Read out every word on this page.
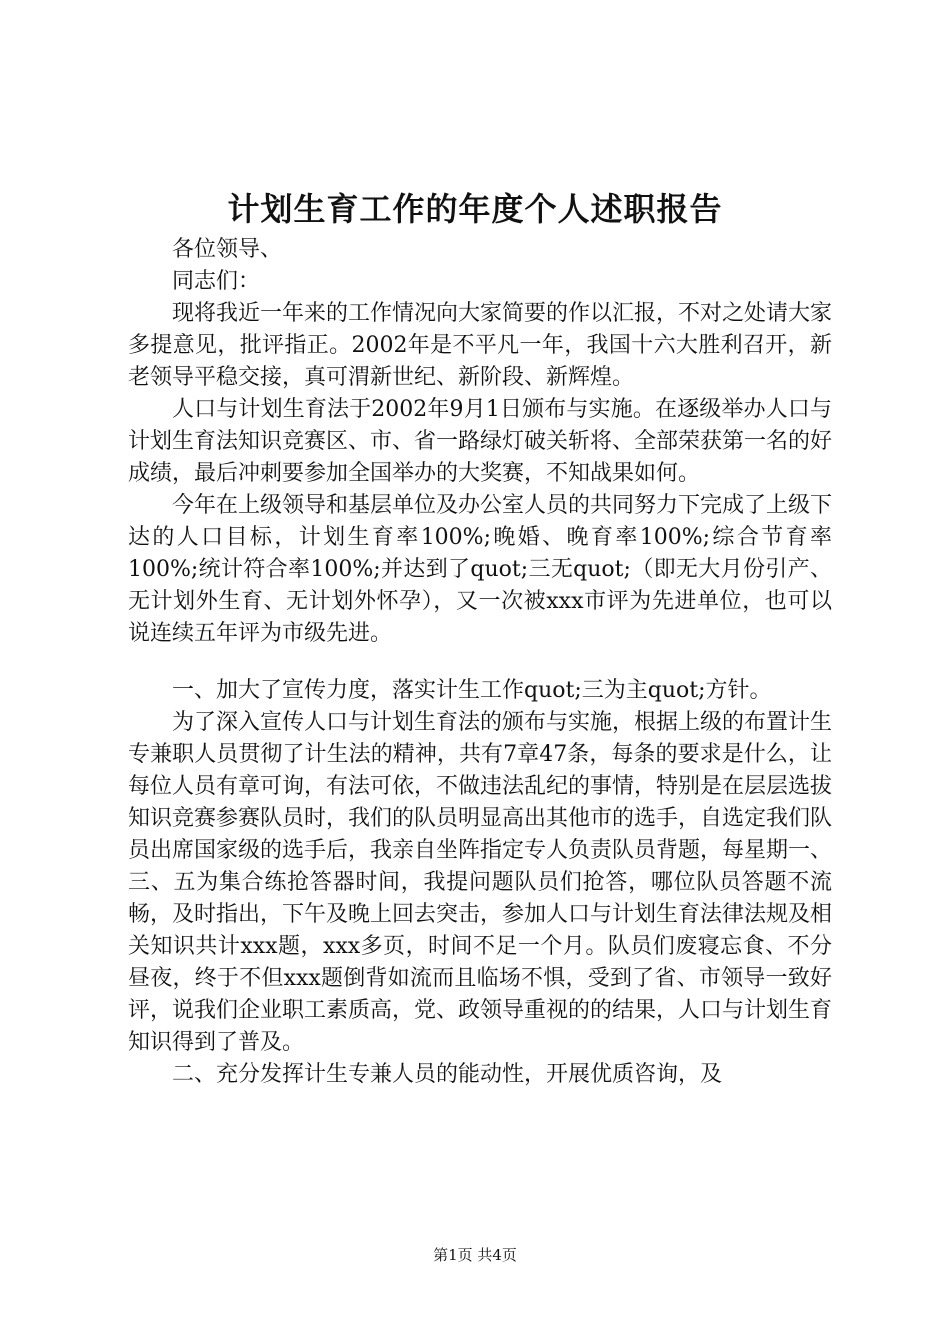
计划生育工作的年度个人述职报告

各位领导、

同志们：

现将我近一年来的工作情况向大家简要的作以汇报，不对之处请大家多提意见，批评指正。2002年是不平凡一年，我国十六大胜利召开，新老领导平稳交接，真可渭新世纪、新阶段、新辉煌。

人口与计划生育法于2002年9月1日颁布与实施。在逐级举办人口与计划生育法知识竞赛区、市、省一路绿灯破关斩将、全部荣获第一名的好成绩，最后冲刺要参加全国举办的大奖赛，不知战果如何。

今年在上级领导和基层单位及办公室人员的共同努力下完成了上级下达的人口目标，计划生育率100%;晚婚、晚育率100%;综合节育率100%;统计符合率100%;并达到了quot;三无quot;（即无大月份引产、无计划外生育、无计划外怀孕），又一次被xxx市评为先进单位，也可以说连续五年评为市级先进。

一、加大了宣传力度，落实计生工作quot;三为主quot;方针。

为了深入宣传人口与计划生育法的颁布与实施，根据上级的布置计生专兼职人员贯彻了计生法的精神，共有7章47条，每条的要求是什么，让每位人员有章可询，有法可依，不做违法乱纪的事情，特别是在层层选拔知识竞赛参赛队员时，我们的队员明显高出其他市的选手，自选定我们队员出席国家级的选手后，我亲自坐阵指定专人负责队员背题，每星期一、三、五为集合练抢答器时间，我提问题队员们抢答，哪位队员答题不流畅，及时指出，下午及晚上回去突击，参加人口与计划生育法律法规及相关知识共计xxx题，xxx多页，时间不足一个月。队员们废寝忘食、不分昼夜，终于不但xxx题倒背如流而且临场不惧，受到了省、市领导一致好评，说我们企业职工素质高，党、政领导重视的的结果，人口与计划生育知识得到了普及。

二、充分发挥计生专兼人员的能动性，开展优质咨询，及

第1页 共4页
